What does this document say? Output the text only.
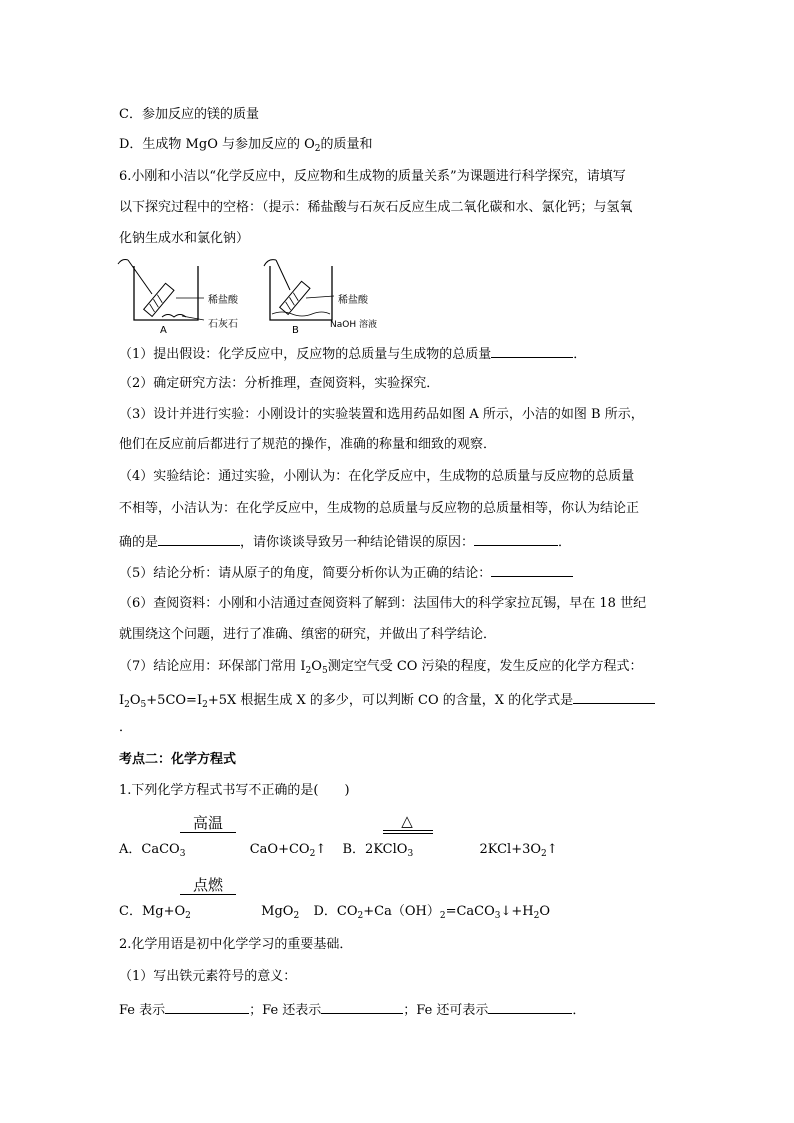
C．参加反应的镁的质量
D．生成物 MgO 与参加反应的 $O_2$的质量和
6.小刚和小洁以“化学反应中，反应物和生成物的质量关系”为课题进行科学探究，请填写
以下探究过程中的空格：（提示：稀盐酸与石灰石反应生成二氧化碳和水、氯化钙；与氢氧
化钠生成水和氯化钠）
稀盐酸
石灰石
A
稀盐酸
NaOH 溶液
B
（1）提出假设：化学反应中，反应物的总质量与生成物的总质量	．
（2）确定研究方法：分析推理，查阅资料，实验探究．
（3）设计并进行实验：小刚设计的实验装置和选用药品如图 A 所示，小洁的如图 B 所示，
他们在反应前后都进行了规范的操作，准确的称量和细致的观察．
（4）实验结论：通过实验，小刚认为：在化学反应中，生成物的总质量与反应物的总质量
不相等，小洁认为：在化学反应中，生成物的总质量与反应物的总质量相等，你认为结论正
确的是	，请你谈谈导致另一种结论错误的原因：	．
（5）结论分析：请从原子的角度，简要分析你认为正确的结论：
（6）查阅资料：小刚和小洁通过查阅资料了解到：法国伟大的科学家拉瓦锡，早在 18 世纪
就围绕这个问题，进行了准确、缜密的研究，并做出了科学结论．
（7）结论应用：环保部门常用 $I_2O_5$测定空气受 CO 污染的程度，发生反应的化学方程式：
$I_2O_5+5CO=I_2+5X$ 根据生成 X 的多少，可以判断 CO 的含量，X 的化学式是
．
考点二：化学方程式
1.下列化学方程式书写不正确的是(　　)
高温	△
A．CaCO$_3$	$CaO+CO_2↑$ B．2KClO$_3$	$2KCl+3O_2↑$
点燃
C．$Mg+O_2$	MgO$_2$ D．$CO_2+Ca(OH)_2=CaCO_3↓+H_2O$
2.化学用语是初中化学学习的重要基础．
（1）写出铁元素符号的意义：
Fe 表示	；Fe 还表示	；Fe 还可表示	．
